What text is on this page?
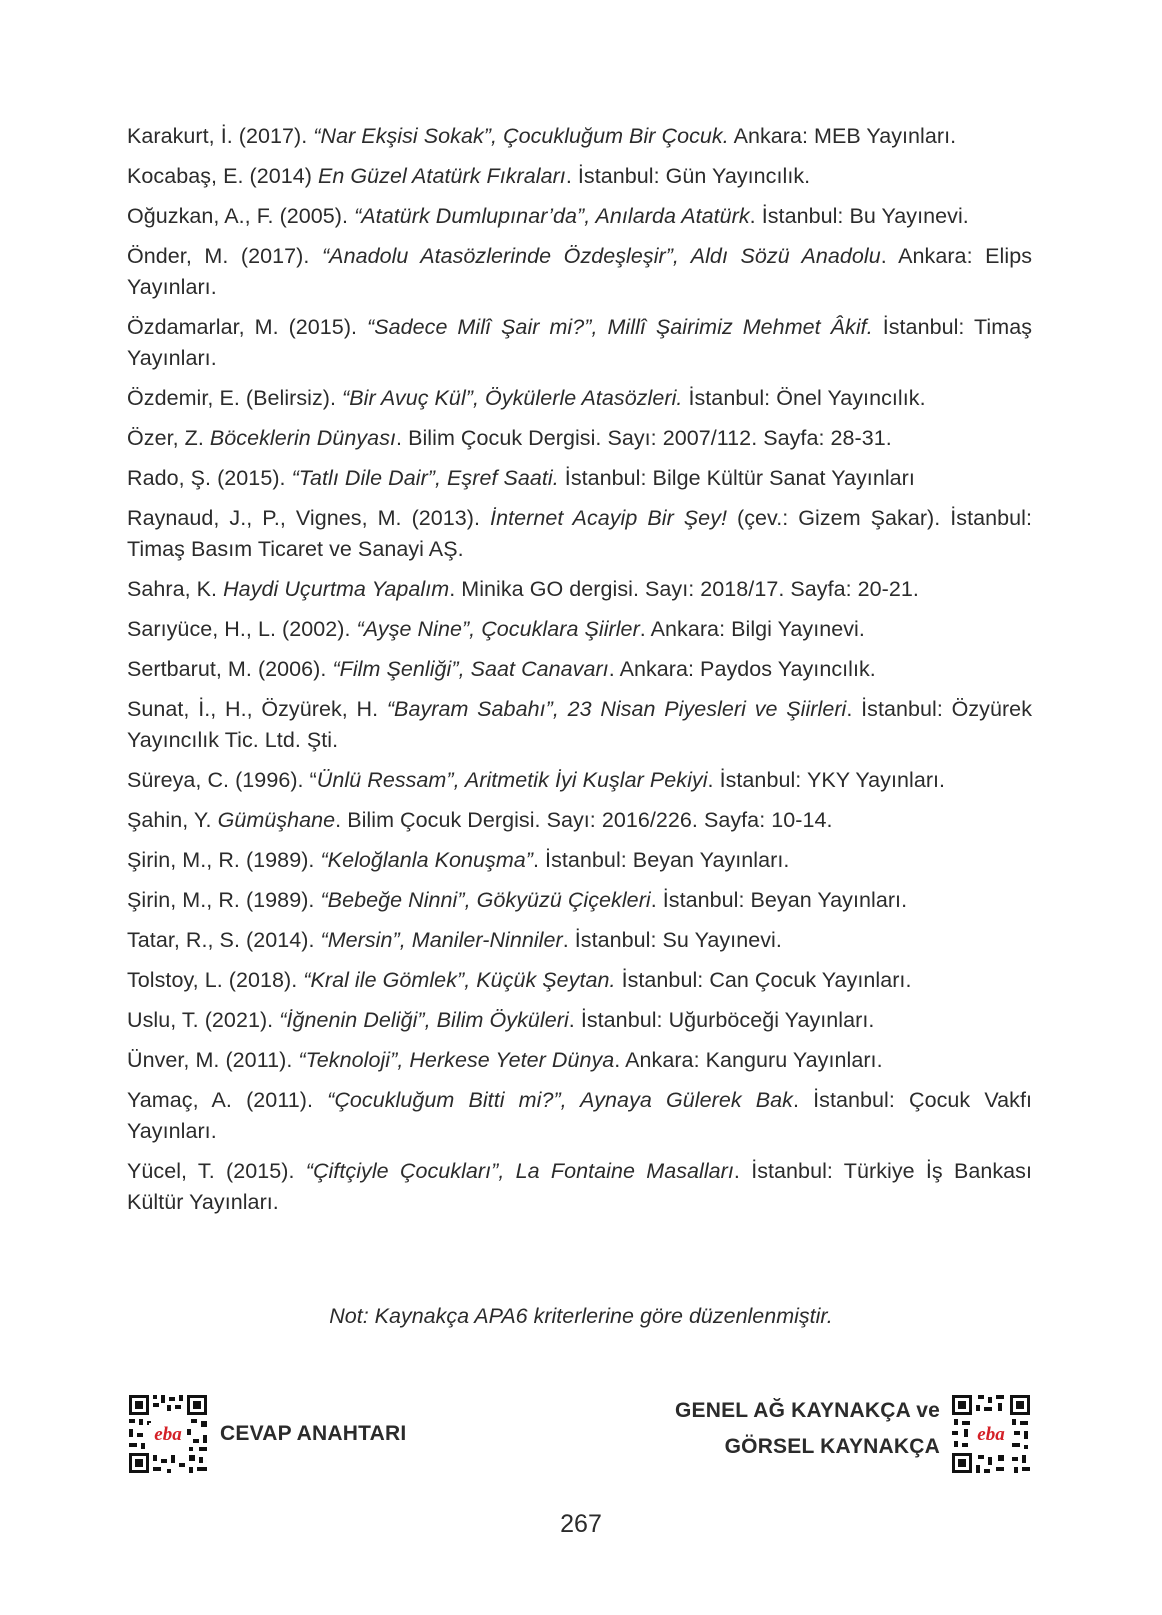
Karakurt, İ. (2017). “Nar Ekşisi Sokak”, Çocukluğum Bir Çocuk. Ankara: MEB Yayınları.

Kocabaş, E. (2014) En Güzel Atatürk Fıkraları. İstanbul: Gün Yayıncılık.

Oğuzkan, A., F. (2005). “Atatürk Dumlupınar’da”, Anılarda Atatürk. İstanbul: Bu Yayınevi.

Önder, M. (2017). “Anadolu Atasözlerinde Özdeşleşir”, Aldı Sözü Anadolu. Ankara: Elips Yayınları.

Özdamarlar, M. (2015). “Sadece Milî Şair mi?”, Millî Şairimiz Mehmet Âkif. İstanbul: Timaş Yayınları.

Özdemir, E. (Belirsiz). “Bir Avuç Kül”, Öykülerle Atasözleri. İstanbul: Önel Yayıncılık.

Özer, Z. Böceklerin Dünyası. Bilim Çocuk Dergisi. Sayı: 2007/112. Sayfa: 28-31.

Rado, Ş. (2015). “Tatlı Dile Dair”, Eşref Saati. İstanbul: Bilge Kültür Sanat Yayınları

Raynaud, J., P., Vignes, M. (2013). İnternet Acayip Bir Şey! (çev.: Gizem Şakar). İstanbul: Timaş Basım Ticaret ve Sanayi AŞ.

Sahra, K. Haydi Uçurtma Yapalım. Minika GO dergisi. Sayı: 2018/17. Sayfa: 20-21.

Sarıyüce, H., L. (2002). “Ayşe Nine”, Çocuklara Şiirler. Ankara: Bilgi Yayınevi.

Sertbarut, M. (2006). “Film Şenliği”, Saat Canavarı. Ankara: Paydos Yayıncılık.

Sunat, İ., H., Özyürek, H. “Bayram Sabahı”, 23 Nisan Piyesleri ve Şiirleri. İstanbul: Özyürek Yayıncılık Tic. Ltd. Şti.

Süreya, C. (1996). “Ünlü Ressam”, Aritmetik İyi Kuşlar Pekiyi. İstanbul: YKY Yayınları.

Şahin, Y. Gümüşhane. Bilim Çocuk Dergisi. Sayı: 2016/226. Sayfa: 10-14.

Şirin, M., R. (1989). “Keloğlanla Konuşma”. İstanbul: Beyan Yayınları.

Şirin, M., R. (1989). “Bebeğe Ninni”, Gökyüzü Çiçekleri. İstanbul: Beyan Yayınları.

Tatar, R., S. (2014). “Mersin”, Maniler-Ninniler. İstanbul: Su Yayınevi.

Tolstoy, L. (2018). “Kral ile Gömlek”, Küçük Şeytan. İstanbul: Can Çocuk Yayınları.

Uslu, T. (2021). “İğnenin Deliği”, Bilim Öyküleri. İstanbul: Uğurböceği Yayınları.

Ünver, M. (2011). “Teknoloji”, Herkese Yeter Dünya. Ankara: Kanguru Yayınları.

Yamaç, A. (2011). “Çocukluğum Bitti mi?”, Aynaya Gülerek Bak. İstanbul: Çocuk Vakfı Yayınları.

Yücel, T. (2015). “Çiftçiyle Çocukları”, La Fontaine Masalları. İstanbul: Türkiye İş Bankası Kültür Yayınları.

Not: Kaynakça APA6 kriterlerine göre düzenlenmiştir.
eba CEVAP ANAHTARI
GENEL AĞ KAYNAKÇA ve
GÖRSEL KAYNAKÇA
eba
267
